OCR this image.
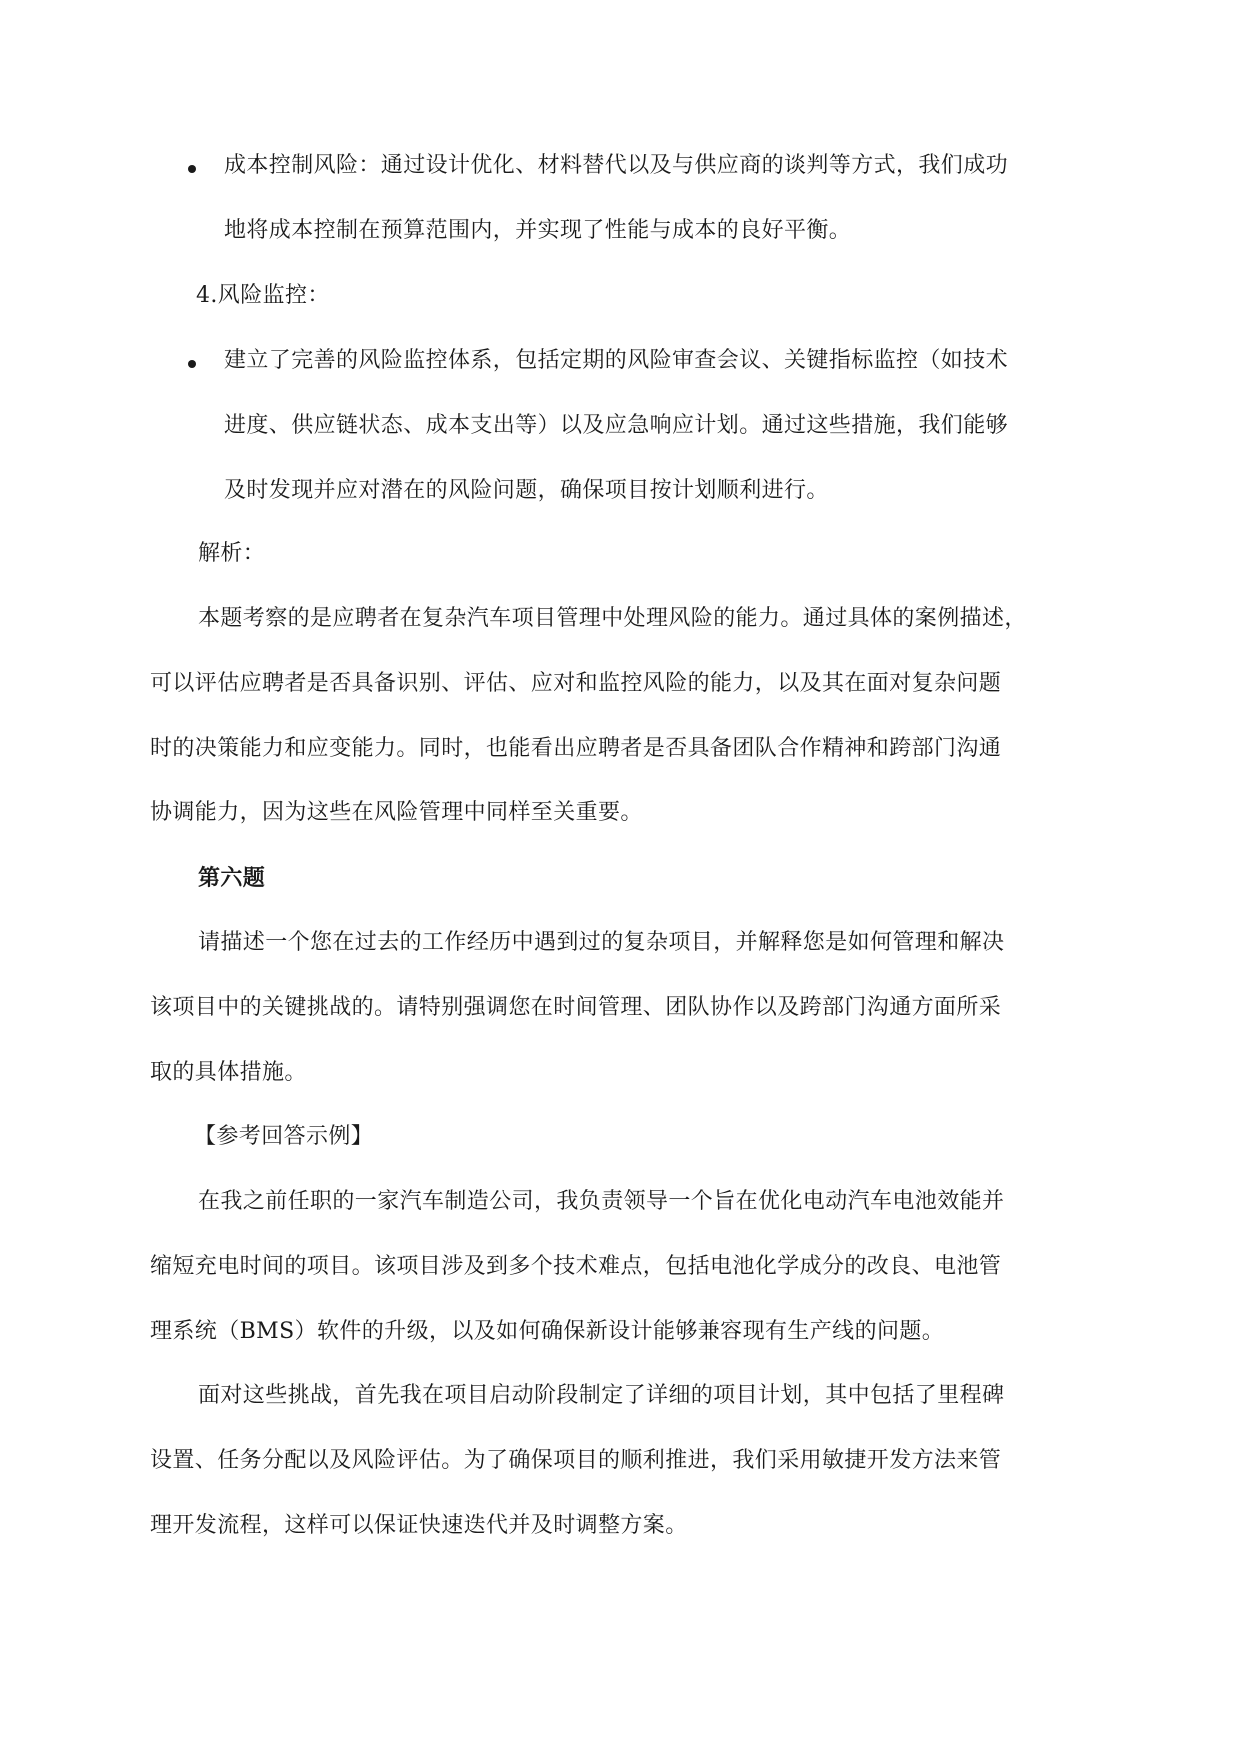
成本控制风险：通过设计优化、材料替代以及与供应商的谈判等方式，我们成功
地将成本控制在预算范围内，并实现了性能与成本的良好平衡。
4.风险监控：
建立了完善的风险监控体系，包括定期的风险审查会议、关键指标监控（如技术
进度、供应链状态、成本支出等）以及应急响应计划。通过这些措施，我们能够
及时发现并应对潜在的风险问题，确保项目按计划顺利进行。
解析：
本题考察的是应聘者在复杂汽车项目管理中处理风险的能力。通过具体的案例描述，
可以评估应聘者是否具备识别、评估、应对和监控风险的能力，以及其在面对复杂问题
时的决策能力和应变能力。同时，也能看出应聘者是否具备团队合作精神和跨部门沟通
协调能力，因为这些在风险管理中同样至关重要。
第六题
请描述一个您在过去的工作经历中遇到过的复杂项目，并解释您是如何管理和解决
该项目中的关键挑战的。请特别强调您在时间管理、团队协作以及跨部门沟通方面所采
取的具体措施。
【参考回答示例】
在我之前任职的一家汽车制造公司，我负责领导一个旨在优化电动汽车电池效能并
缩短充电时间的项目。该项目涉及到多个技术难点，包括电池化学成分的改良、电池管
理系统（BMS）软件的升级，以及如何确保新设计能够兼容现有生产线的问题。
面对这些挑战，首先我在项目启动阶段制定了详细的项目计划，其中包括了里程碑
设置、任务分配以及风险评估。为了确保项目的顺利推进，我们采用敏捷开发方法来管
理开发流程，这样可以保证快速迭代并及时调整方案。
